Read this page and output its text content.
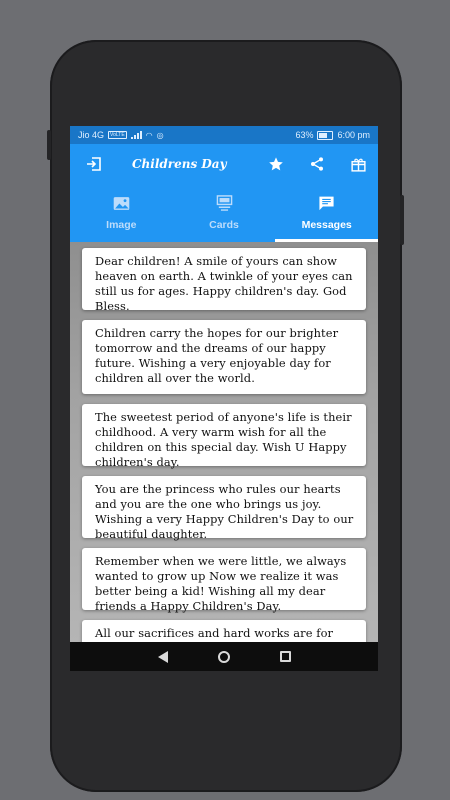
Jio 4G	VoLTE	◠ ◎	63%	6:00 pm
Childrens Day
Image	Cards	Messages
Dear children! A smile of yours can show heaven on earth. A twinkle of your eyes can still us for ages. Happy children's day. God Bless.
Children carry the hopes for our brighter tomorrow and the dreams of our happy future. Wishing a very enjoyable day for children all over the world.
The sweetest period of anyone's life is their childhood. A very warm wish for all the children on this special day. Wish U Happy children's day.
You are the princess who rules our hearts and you are the one who brings us joy. Wishing a very Happy Children's Day to our beautiful daughter.
Remember when we were little, we always wanted to grow up Now we realize it was better being a kid! Wishing all my dear friends a Happy Children's Day.
All our sacrifices and hard works are for
